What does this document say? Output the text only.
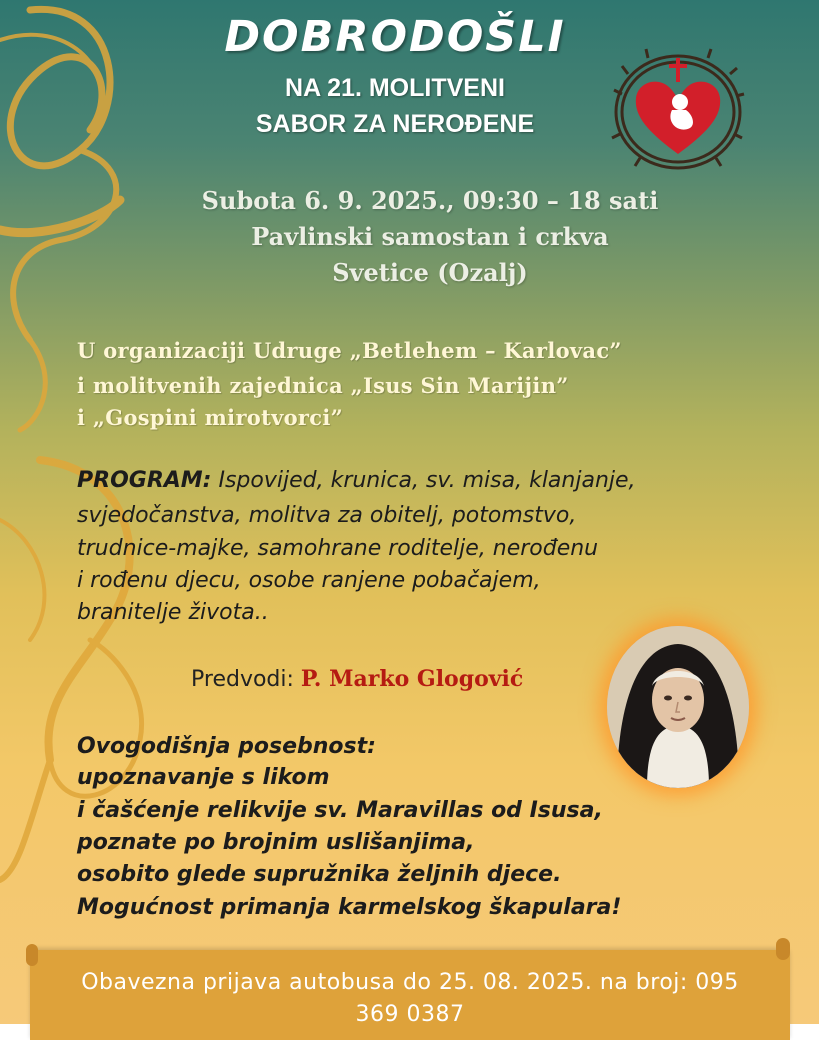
DOBRODOŠLI
NA 21. MOLITVENI
SABOR ZA NEROĐENE
Subota 6. 9. 2025., 09:30 – 18 sati
Pavlinski samostan i crkva
Svetice (Ozalj)
U organizaciji Udruge „Betlehem – Karlovac”
i molitvenih zajednica „Isus Sin Marijin”
i „Gospini mirotvorci”
PROGRAM: Ispovijed, krunica, sv. misa, klanjanje,
svjedočanstva, molitva za obitelj, potomstvo,
trudnice-majke, samohrane roditelje, nerođenu
i rođenu djecu, osobe ranjene pobačajem,
branitelje života..
Predvodi: P. Marko Glogović
Ovogodišnja posebnost:
upoznavanje s likom
i čašćenje relikvije sv. Maravillas od Isusa,
poznate po brojnim uslišanjima,
osobito glede supružnika željnih djece.
Mogućnost primanja karmelskog škapulara!
Obavezna prijava autobusa do 25. 08. 2025. na broj: 095
369 0387
